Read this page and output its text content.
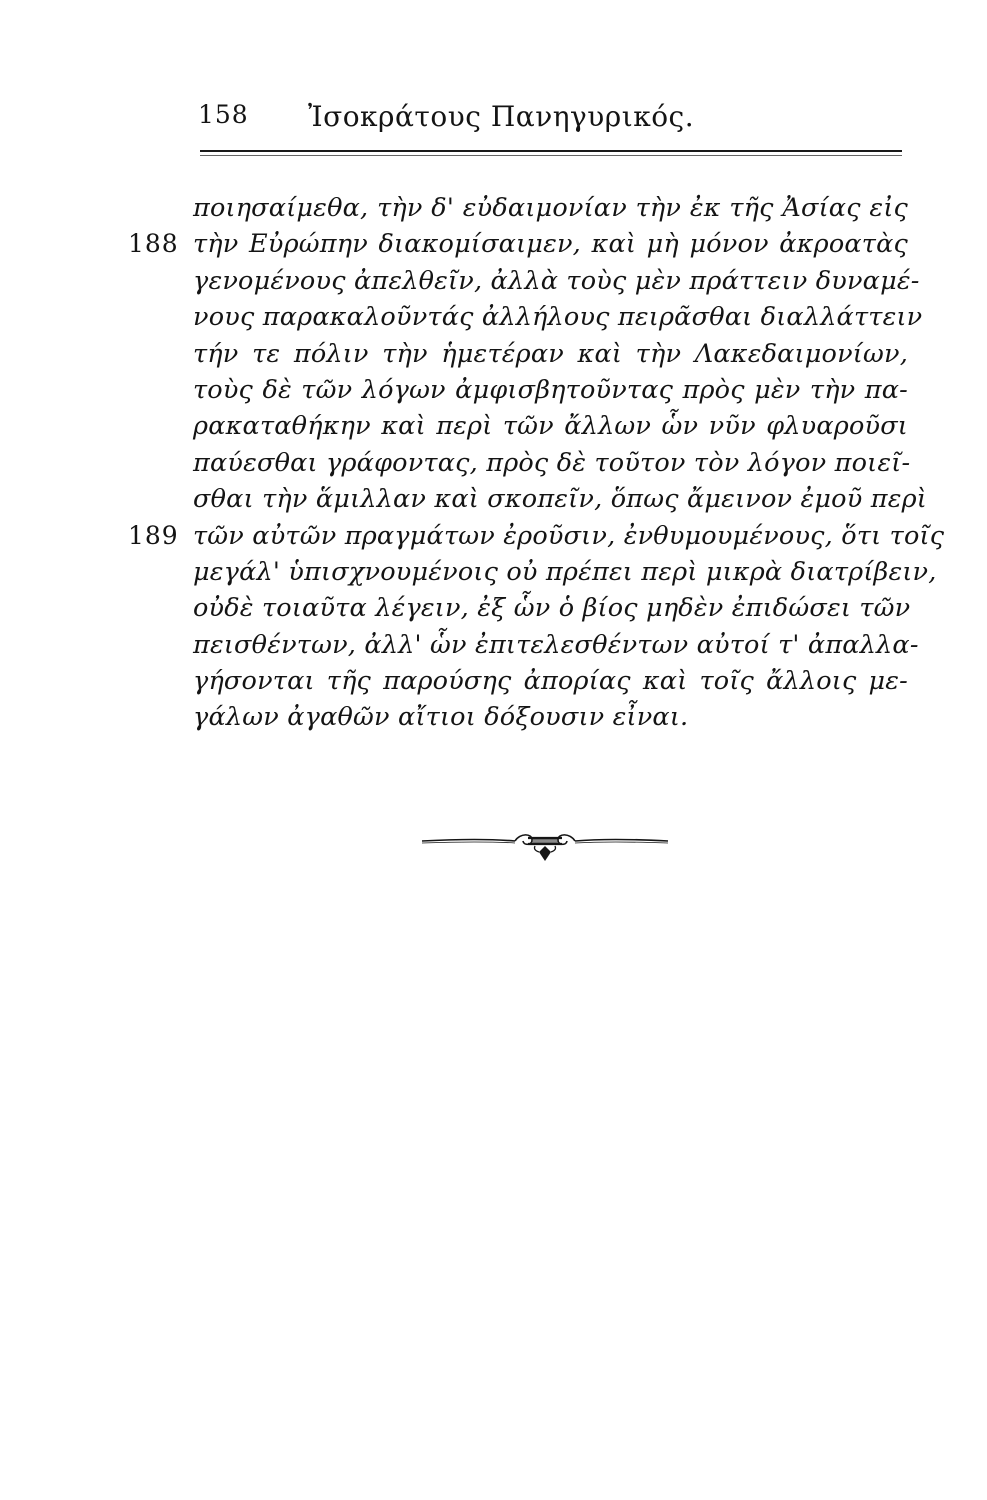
158 Ἰσοκράτους Πανηγυρικός.
ποιησαίμεθα, τὴν δ' εὐδαιμονίαν τὴν ἐκ τῆς Ἀσίας εἰς
188 τὴν Εὐρώπην διακομίσαιμεν, καὶ μὴ μόνον ἀκροατὰς
γενομένους ἀπελθεῖν, ἀλλὰ τοὺς μὲν πράττειν δυναμέ-
νους παρακαλοῦντάς ἀλλήλους πειρᾶσθαι διαλλάττειν
τήν τε πόλιν τὴν ἡμετέραν καὶ τὴν Λακεδαιμονίων,
τοὺς δὲ τῶν λόγων ἀμφισβητοῦντας πρὸς μὲν τὴν πα-
ρακαταθήκην καὶ περὶ τῶν ἄλλων ὧν νῦν φλυαροῦσι
παύεσθαι γράφοντας, πρὸς δὲ τοῦτον τὸν λόγον ποιεῖ-
σθαι τὴν ἅμιλλαν καὶ σκοπεῖν, ὅπως ἄμεινον ἐμοῦ περὶ
189 τῶν αὐτῶν πραγμάτων ἐροῦσιν, ἐνθυμουμένους, ὅτι τοῖς
μεγάλ' ὑπισχνουμένοις οὐ πρέπει περὶ μικρὰ διατρίβειν,
οὐδὲ τοιαῦτα λέγειν, ἐξ ὧν ὁ βίος μηδὲν ἐπιδώσει τῶν
πεισθέντων, ἀλλ' ὧν ἐπιτελεσθέντων αὐτοί τ' ἀπαλλα-
γήσονται τῆς παρούσης ἀπορίας καὶ τοῖς ἄλλοις με-
γάλων ἀγαθῶν αἴτιοι δόξουσιν εἶναι.
